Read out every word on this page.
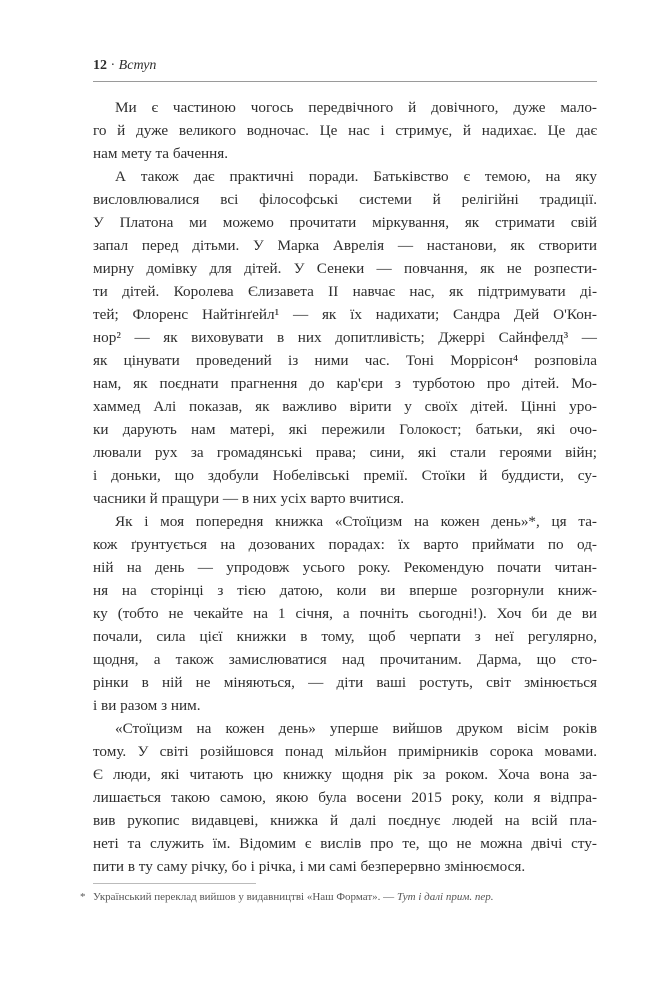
12 · Вступ
Ми є частиною чогось передвічного й довічного, дуже мало-
го й дуже великого водночас. Це нас і стримує, й надихає. Це дає
нам мету та бачення.
А також дає практичні поради. Батьківство є темою, на яку
висловлювалися всі філософські системи й релігійні традиції.
У Платона ми можемо прочитати міркування, як стримати свій
запал перед дітьми. У Марка Аврелія — настанови, як створити
мирну домівку для дітей. У Сенеки — повчання, як не розпести-
ти дітей. Королева Єлизавета II навчає нас, як підтримувати ді-
тей; Флоренс Найтінґейл¹ — як їх надихати; Сандра Дей О'Кон-
нор² — як виховувати в них допитливість; Джеррі Сайнфелд³ —
як цінувати проведений із ними час. Тоні Моррісон⁴ розповіла
нам, як поєднати прагнення до кар'єри з турботою про дітей. Мо-
хаммед Алі показав, як важливо вірити у своїх дітей. Цінні уро-
ки дарують нам матері, які пережили Голокост; батьки, які очо-
лювали рух за громадянські права; сини, які стали героями війн;
і доньки, що здобули Нобелівські премії. Стоїки й буддисти, су-
часники й пращури — в них усіх варто вчитися.
Як і моя попередня книжка «Стоїцизм на кожен день»*, ця та-
кож ґрунтується на дозованих порадах: їх варто приймати по од-
ній на день — упродовж усього року. Рекомендую почати читан-
ня на сторінці з тією датою, коли ви вперше розгорнули книж-
ку (тобто не чекайте на 1 січня, а почніть сьогодні!). Хоч би де ви
почали, сила цієї книжки в тому, щоб черпати з неї регулярно,
щодня, а також замислюватися над прочитаним. Дарма, що сто-
рінки в ній не міняються, — діти ваші ростуть, світ змінюється
і ви разом з ним.
«Стоїцизм на кожен день» уперше вийшов друком вісім років
тому. У світі розійшовся понад мільйон примірників сорока мовами.
Є люди, які читають цю книжку щодня рік за роком. Хоча вона за-
лишається такою самою, якою була восени 2015 року, коли я відпра-
вив рукопис видавцеві, книжка й далі поєднує людей на всій пла-
неті та служить їм. Відомим є вислів про те, що не можна двічі сту-
пити в ту саму річку, бо і річка, і ми самі безперервно змінюємося.
* Український переклад вийшов у видавництві «Наш Формат». — Тут і далі прим. пер.
